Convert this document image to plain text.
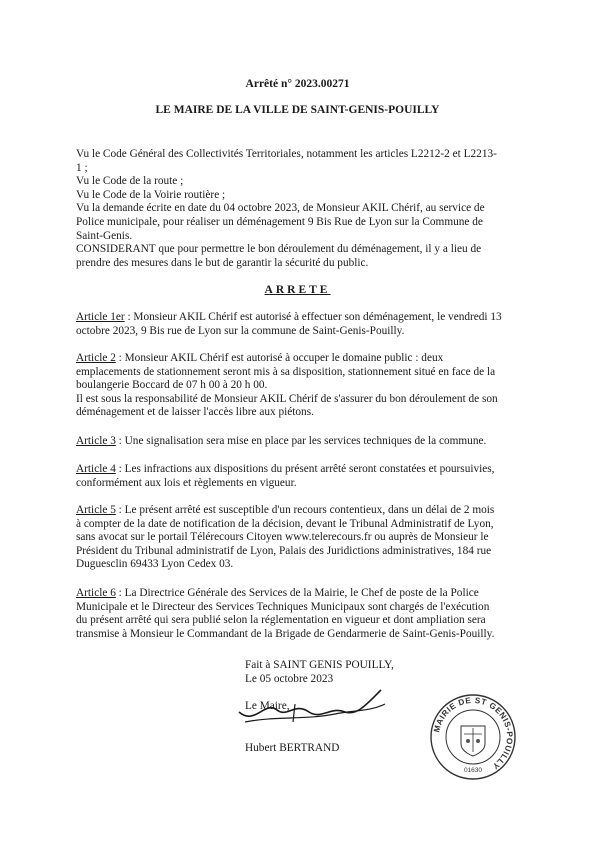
Arrêté n° 2023.00271
LE MAIRE DE LA VILLE DE SAINT-GENIS-POUILLY
Vu le Code Général des Collectivités Territoriales, notamment les articles L2212-2 et L2213-
1 ;
Vu le Code de la route ;
Vu le Code de la Voirie routière ;
Vu la demande écrite en date du 04 octobre 2023, de Monsieur AKIL Chérif, au service de
Police municipale, pour réaliser un déménagement 9 Bis Rue de Lyon sur la Commune de
Saint-Genis.
CONSIDERANT que pour permettre le bon déroulement du déménagement, il y a lieu de
prendre des mesures dans le but de garantir la sécurité du public.
ARRETE
Article 1er : Monsieur AKIL Chérif est autorisé à effectuer son déménagement, le vendredi 13
octobre 2023, 9 Bis rue de Lyon sur la commune de Saint-Genis-Pouilly.
Article 2 : Monsieur AKIL Chérif est autorisé à occuper le domaine public : deux
emplacements de stationnement seront mis à sa disposition, stationnement situé en face de la
boulangerie Boccard de 07 h 00 à 20 h 00.
Il est sous la responsabilité de Monsieur AKIL Chérif de s'assurer du bon déroulement de son
déménagement et de laisser l'accès libre aux piétons.
Article 3 : Une signalisation sera mise en place par les services techniques de la commune.
Article 4 : Les infractions aux dispositions du présent arrêté seront constatées et poursuivies,
conformément aux lois et règlements en vigueur.
Article 5 : Le présent arrêté est susceptible d'un recours contentieux, dans un délai de 2 mois
à compter de la date de notification de la décision, devant le Tribunal Administratif de Lyon,
sans avocat sur le portail Télérecours Citoyen www.telerecours.fr ou auprès de Monsieur le
Président du Tribunal administratif de Lyon, Palais des Juridictions administratives, 184 rue
Duguesclin 69433 Lyon Cedex 03.
Article 6 : La Directrice Générale des Services de la Mairie, le Chef de poste de la Police
Municipale et le Directeur des Services Techniques Municipaux sont chargés de l'exécution
du présent arrêté qui sera publié selon la réglementation en vigueur et dont ampliation sera
transmise à Monsieur le Commandant de la Brigade de Gendarmerie de Saint-Genis-Pouilly.
Fait à SAINT GENIS POUILLY,
Le 05 octobre 2023
Le Maire,
Hubert BERTRAND
MAIRIE DE ST GENIS-POUILLY
01630
